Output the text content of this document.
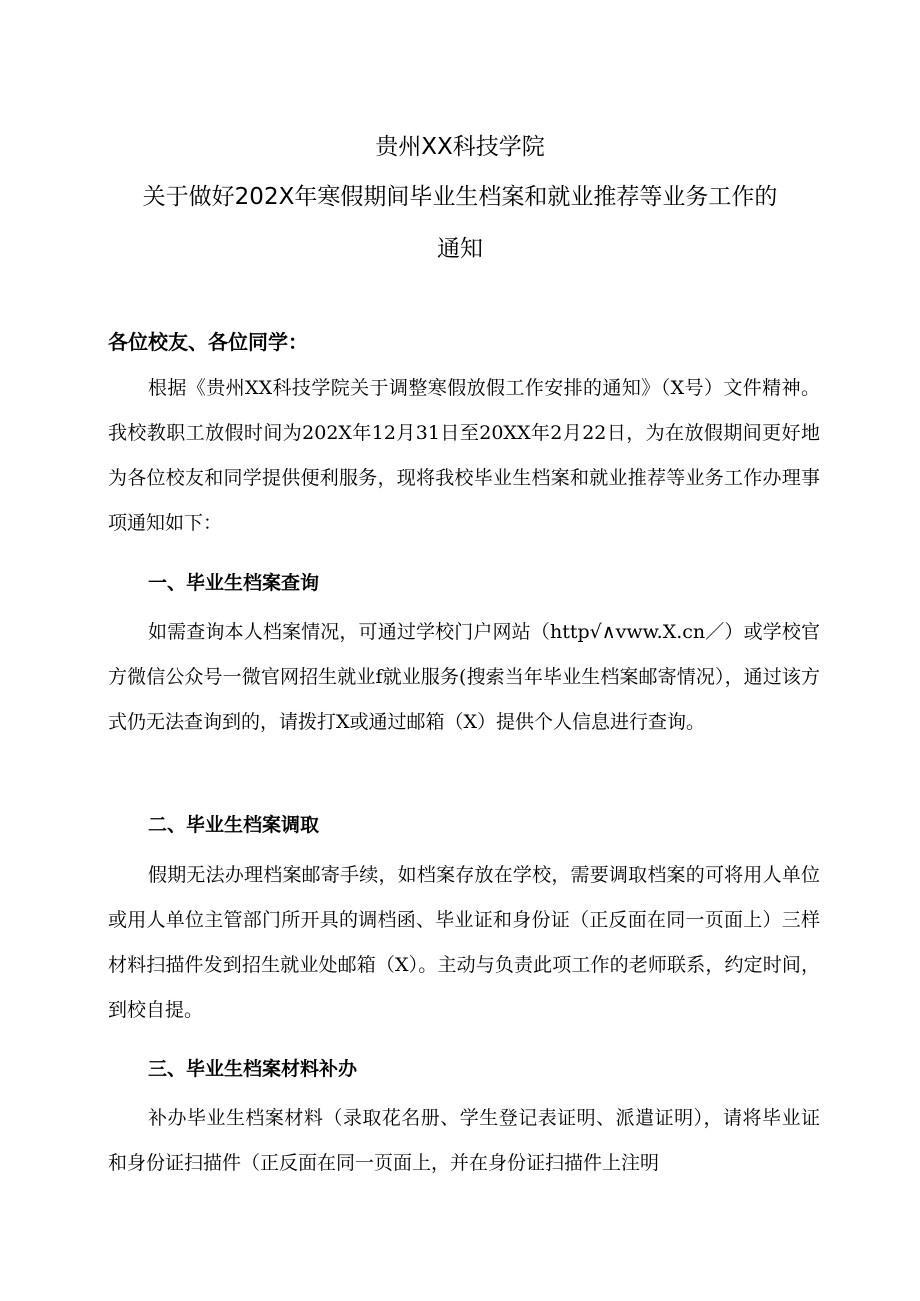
贵州XX科技学院
关于做好202X年寒假期间毕业生档案和就业推荐等业务工作的
通知

各位校友、各位同学：

根据《贵州XX科技学院关于调整寒假放假工作安排的通知》（X号）文件精神。我校教职工放假时间为202X年12月31日至20XX年2月22日，为在放假期间更好地为各位校友和同学提供便利服务，现将我校毕业生档案和就业推荐等业务工作办理事项通知如下：

一、毕业生档案查询

如需查询本人档案情况，可通过学校门户网站（http√∧vww.X.cn／）或学校官方微信公众号一微官网招生就业f就业服务(搜索当年毕业生档案邮寄情况），通过该方式仍无法查询到的，请拨打X或通过邮箱（X）提供个人信息进行查询。

二、毕业生档案调取

假期无法办理档案邮寄手续，如档案存放在学校，需要调取档案的可将用人单位或用人单位主管部门所开具的调档函、毕业证和身份证（正反面在同一页面上）三样材料扫描件发到招生就业处邮箱（X）。主动与负责此项工作的老师联系，约定时间，到校自提。

三、毕业生档案材料补办

补办毕业生档案材料（录取花名册、学生登记表证明、派遣证明），请将毕业证和身份证扫描件（正反面在同一页面上，并在身份证扫描件上注明
